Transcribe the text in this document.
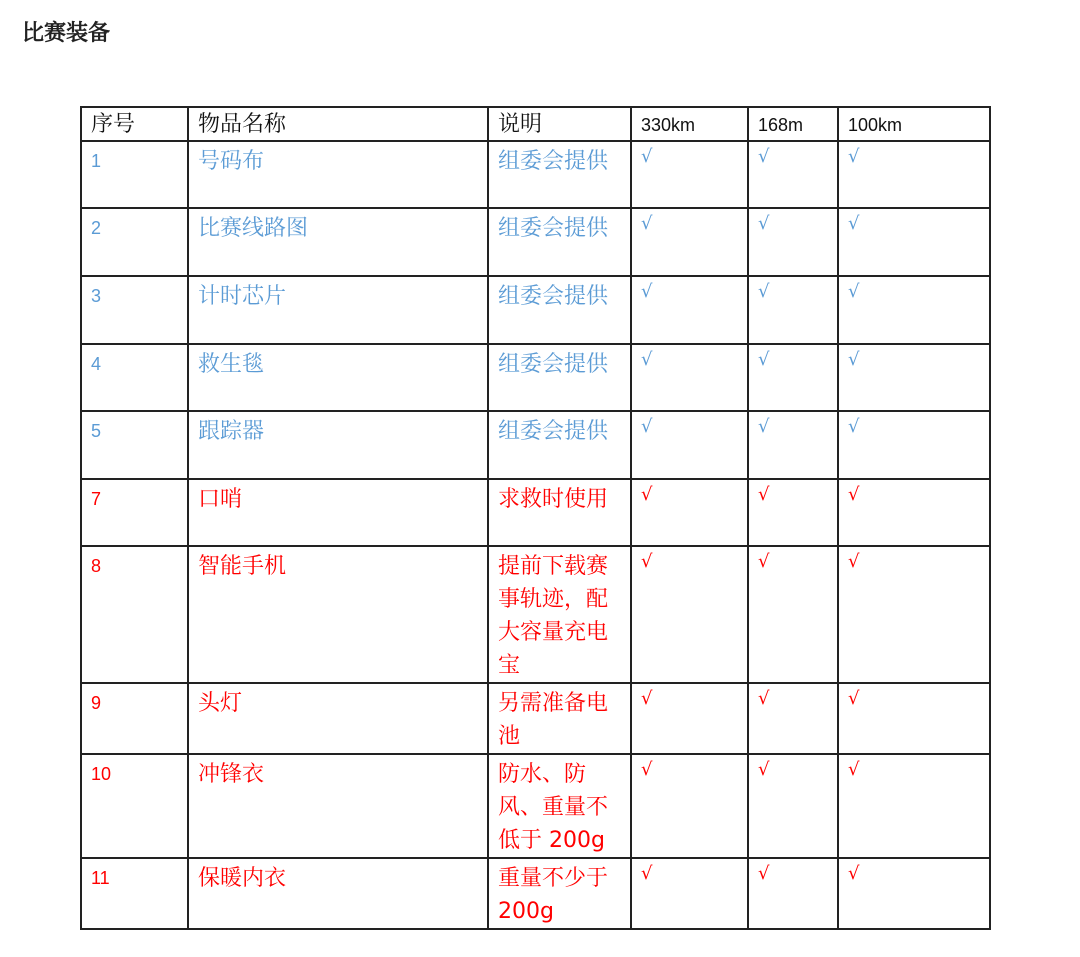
比赛装备
序号	物品名称	说明	330km	168m	100km
1	号码布	组委会提供	√	√	√
2	比赛线路图	组委会提供	√	√	√
3	计时芯片	组委会提供	√	√	√
4	救生毯	组委会提供	√	√	√
5	跟踪器	组委会提供	√	√	√
7	口哨	求救时使用	√	√	√
8	智能手机	提前下载赛事轨迹，配大容量充电宝	√	√	√
9	头灯	另需准备电池	√	√	√
10	冲锋衣	防水、防风、重量不低于 200g	√	√	√
11	保暖内衣	重量不少于 200g	√	√	√
